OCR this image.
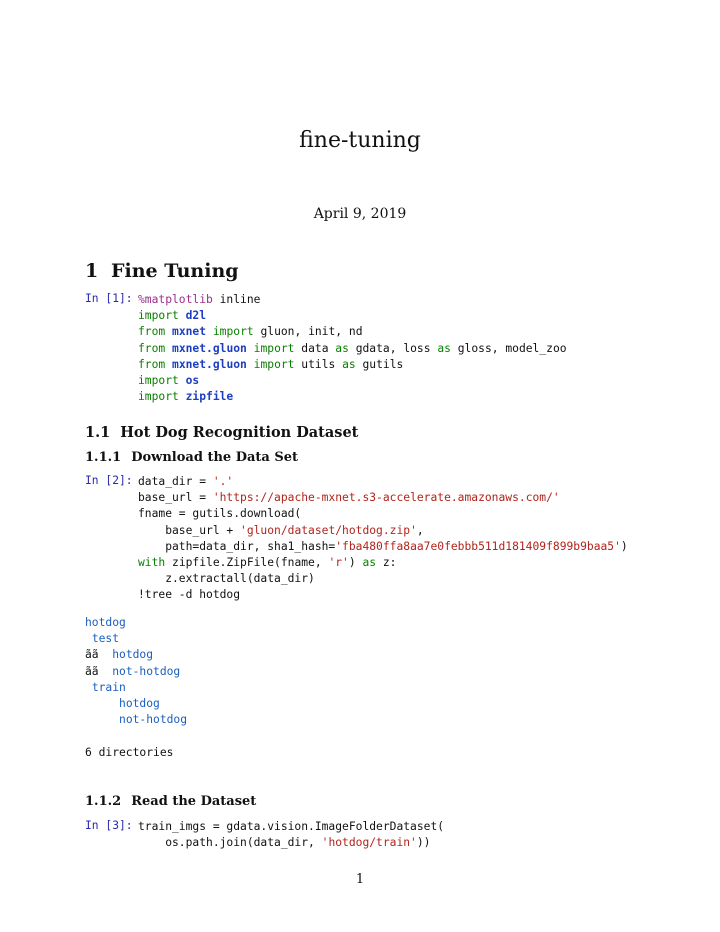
fine-tuning
April 9, 2019
1 Fine Tuning
In [1]: %matplotlib inline
import d2l
from mxnet import gluon, init, nd
from mxnet.gluon import data as gdata, loss as gloss, model_zoo
from mxnet.gluon import utils as gutils
import os
import zipfile
1.1 Hot Dog Recognition Dataset
1.1.1 Download the Data Set
In [2]: data_dir = '.'
base_url = 'https://apache-mxnet.s3-accelerate.amazonaws.com/'
fname = gutils.download(
base_url + 'gluon/dataset/hotdog.zip',
path=data_dir, sha1_hash='fba480ffa8aa7e0febbb511d181409f899b9baa5')
with zipfile.ZipFile(fname, 'r') as z:
z.extractall(data_dir)
!tree -d hotdog
hotdog
test
ãã  hotdog
ãã  not-hotdog
train
hotdog
not-hotdog

6 directories
1.1.2 Read the Dataset
In [3]: train_imgs = gdata.vision.ImageFolderDataset(
os.path.join(data_dir, 'hotdog/train'))
1
